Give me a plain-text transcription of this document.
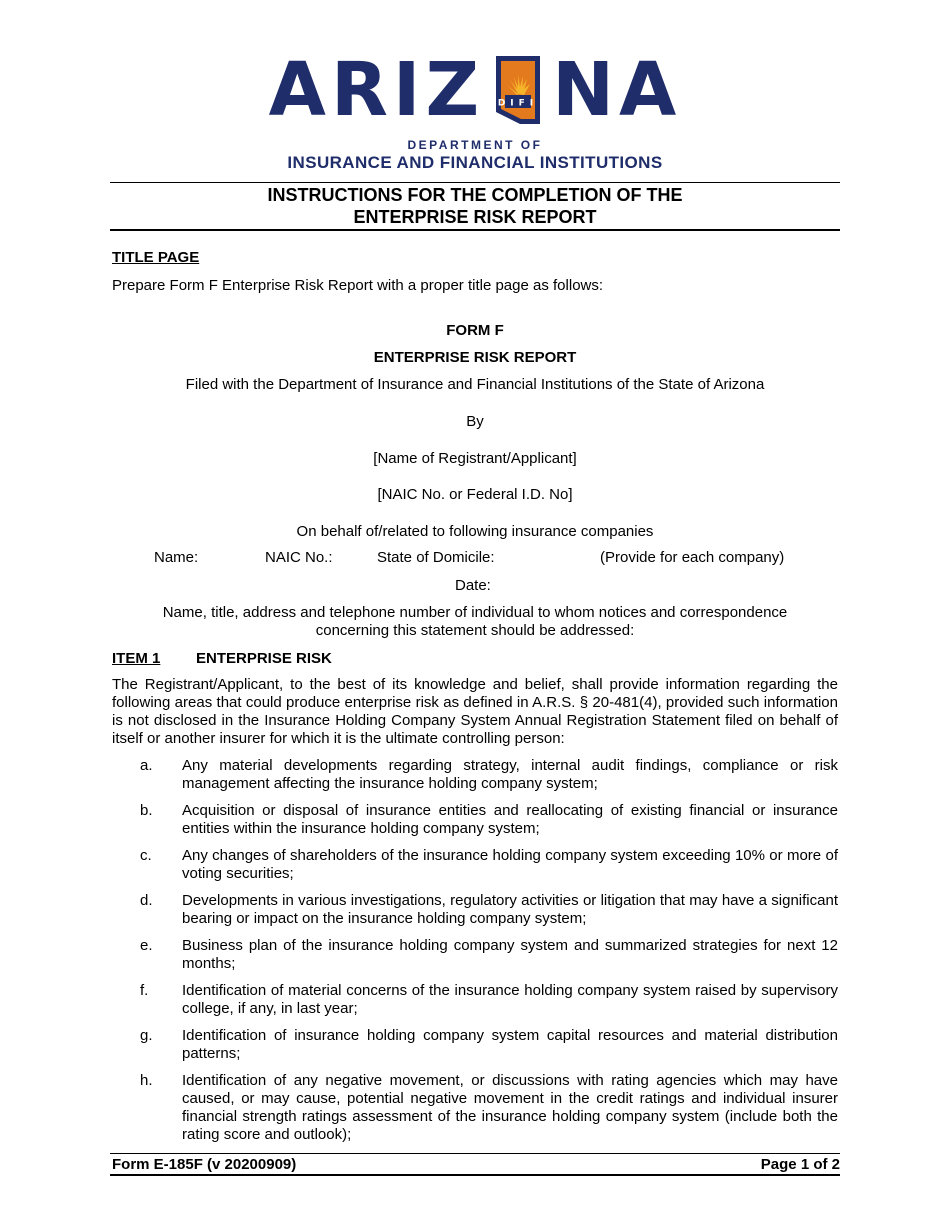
ARIZ DIFI NA
DEPARTMENT OF
INSURANCE AND FINANCIAL INSTITUTIONS
INSTRUCTIONS FOR THE COMPLETION OF THE
ENTERPRISE RISK REPORT
TITLE PAGE
Prepare Form F Enterprise Risk Report with a proper title page as follows:
FORM F
ENTERPRISE RISK REPORT
Filed with the Department of Insurance and Financial Institutions of the State of Arizona
By
[Name of Registrant/Applicant]
[NAIC No. or Federal I.D. No]
On behalf of/related to following insurance companies
Name:	NAIC No.:	State of Domicile:	(Provide for each company)
Date:
Name, title, address and telephone number of individual to whom notices and correspondence
concerning this statement should be addressed:
ITEM 1 ENTERPRISE RISK
The Registrant/Applicant, to the best of its knowledge and belief, shall provide information regarding the following areas that could produce enterprise risk as defined in A.R.S. § 20-481(4), provided such information is not disclosed in the Insurance Holding Company System Annual Registration Statement filed on behalf of itself or another insurer for which it is the ultimate controlling person:
a. Any material developments regarding strategy, internal audit findings, compliance or risk management affecting the insurance holding company system;
b. Acquisition or disposal of insurance entities and reallocating of existing financial or insurance entities within the insurance holding company system;
c. Any changes of shareholders of the insurance holding company system exceeding 10% or more of voting securities;
d. Developments in various investigations, regulatory activities or litigation that may have a significant bearing or impact on the insurance holding company system;
e. Business plan of the insurance holding company system and summarized strategies for next 12 months;
f. Identification of material concerns of the insurance holding company system raised by supervisory college, if any, in last year;
g. Identification of insurance holding company system capital resources and material distribution patterns;
h. Identification of any negative movement, or discussions with rating agencies which may have caused, or may cause, potential negative movement in the credit ratings and individual insurer financial strength ratings assessment of the insurance holding company system (include both the rating score and outlook);
Form E-185F (v 20200909)	Page 1 of 2
